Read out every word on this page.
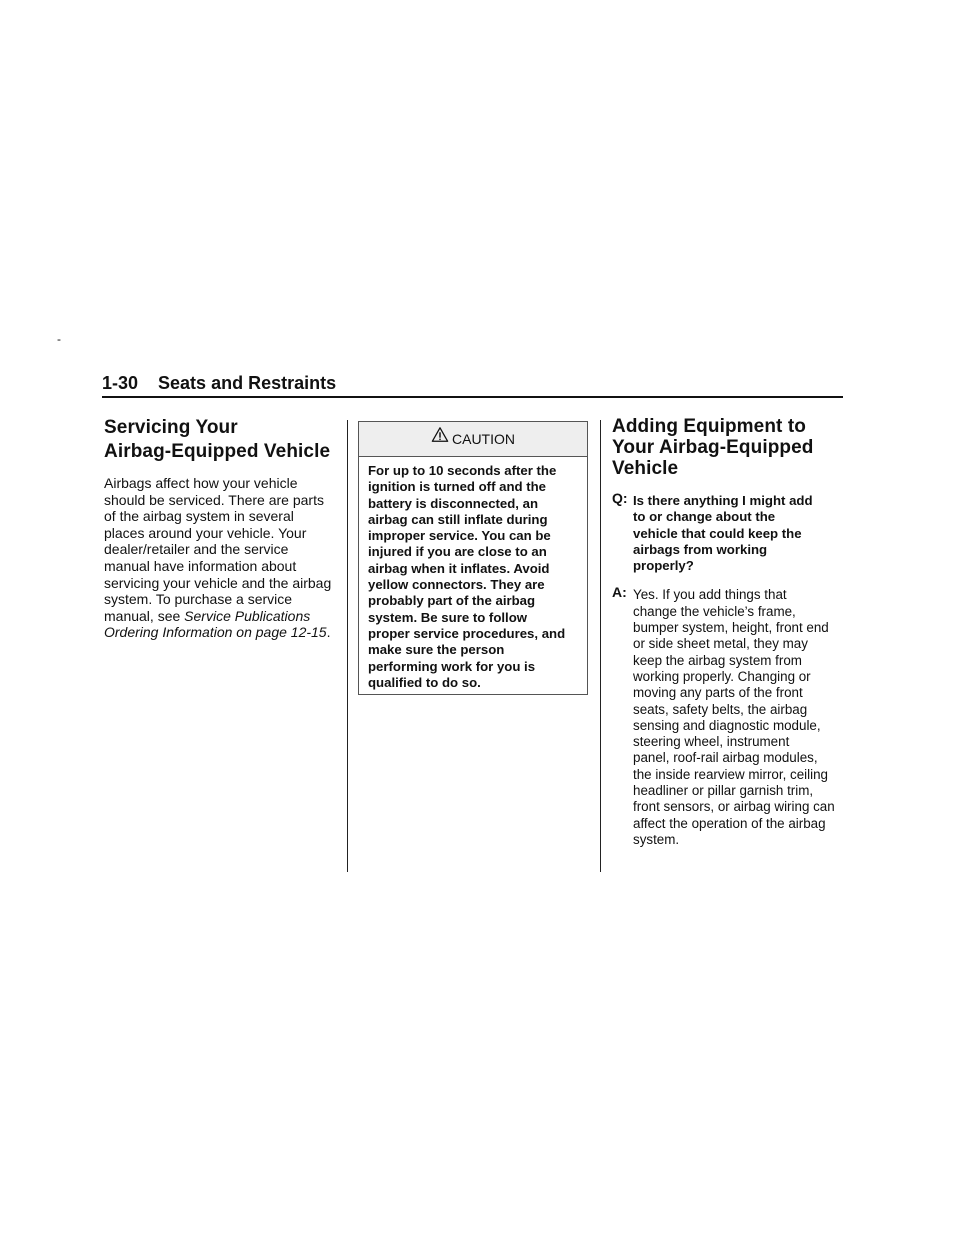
-
1-30 Seats and Restraints
Servicing Your
Airbag-Equipped Vehicle

Airbags affect how your vehicle
should be serviced. There are parts
of the airbag system in several
places around your vehicle. Your
dealer/retailer and the service
manual have information about
servicing your vehicle and the airbag
system. To purchase a service
manual, see Service Publications
Ordering Information on page 12-15.

CAUTION
For up to 10 seconds after the
ignition is turned off and the
battery is disconnected, an
airbag can still inflate during
improper service. You can be
injured if you are close to an
airbag when it inflates. Avoid
yellow connectors. They are
probably part of the airbag
system. Be sure to follow
proper service procedures, and
make sure the person
performing work for you is
qualified to do so.
Adding Equipment to
Your Airbag-Equipped
Vehicle
Q: Is there anything I might add
to or change about the
vehicle that could keep the
airbags from working
properly?
A: Yes. If you add things that
change the vehicle’s frame,
bumper system, height, front end
or side sheet metal, they may
keep the airbag system from
working properly. Changing or
moving any parts of the front
seats, safety belts, the airbag
sensing and diagnostic module,
steering wheel, instrument
panel, roof-rail airbag modules,
the inside rearview mirror, ceiling
headliner or pillar garnish trim,
front sensors, or airbag wiring can
affect the operation of the airbag
system.
